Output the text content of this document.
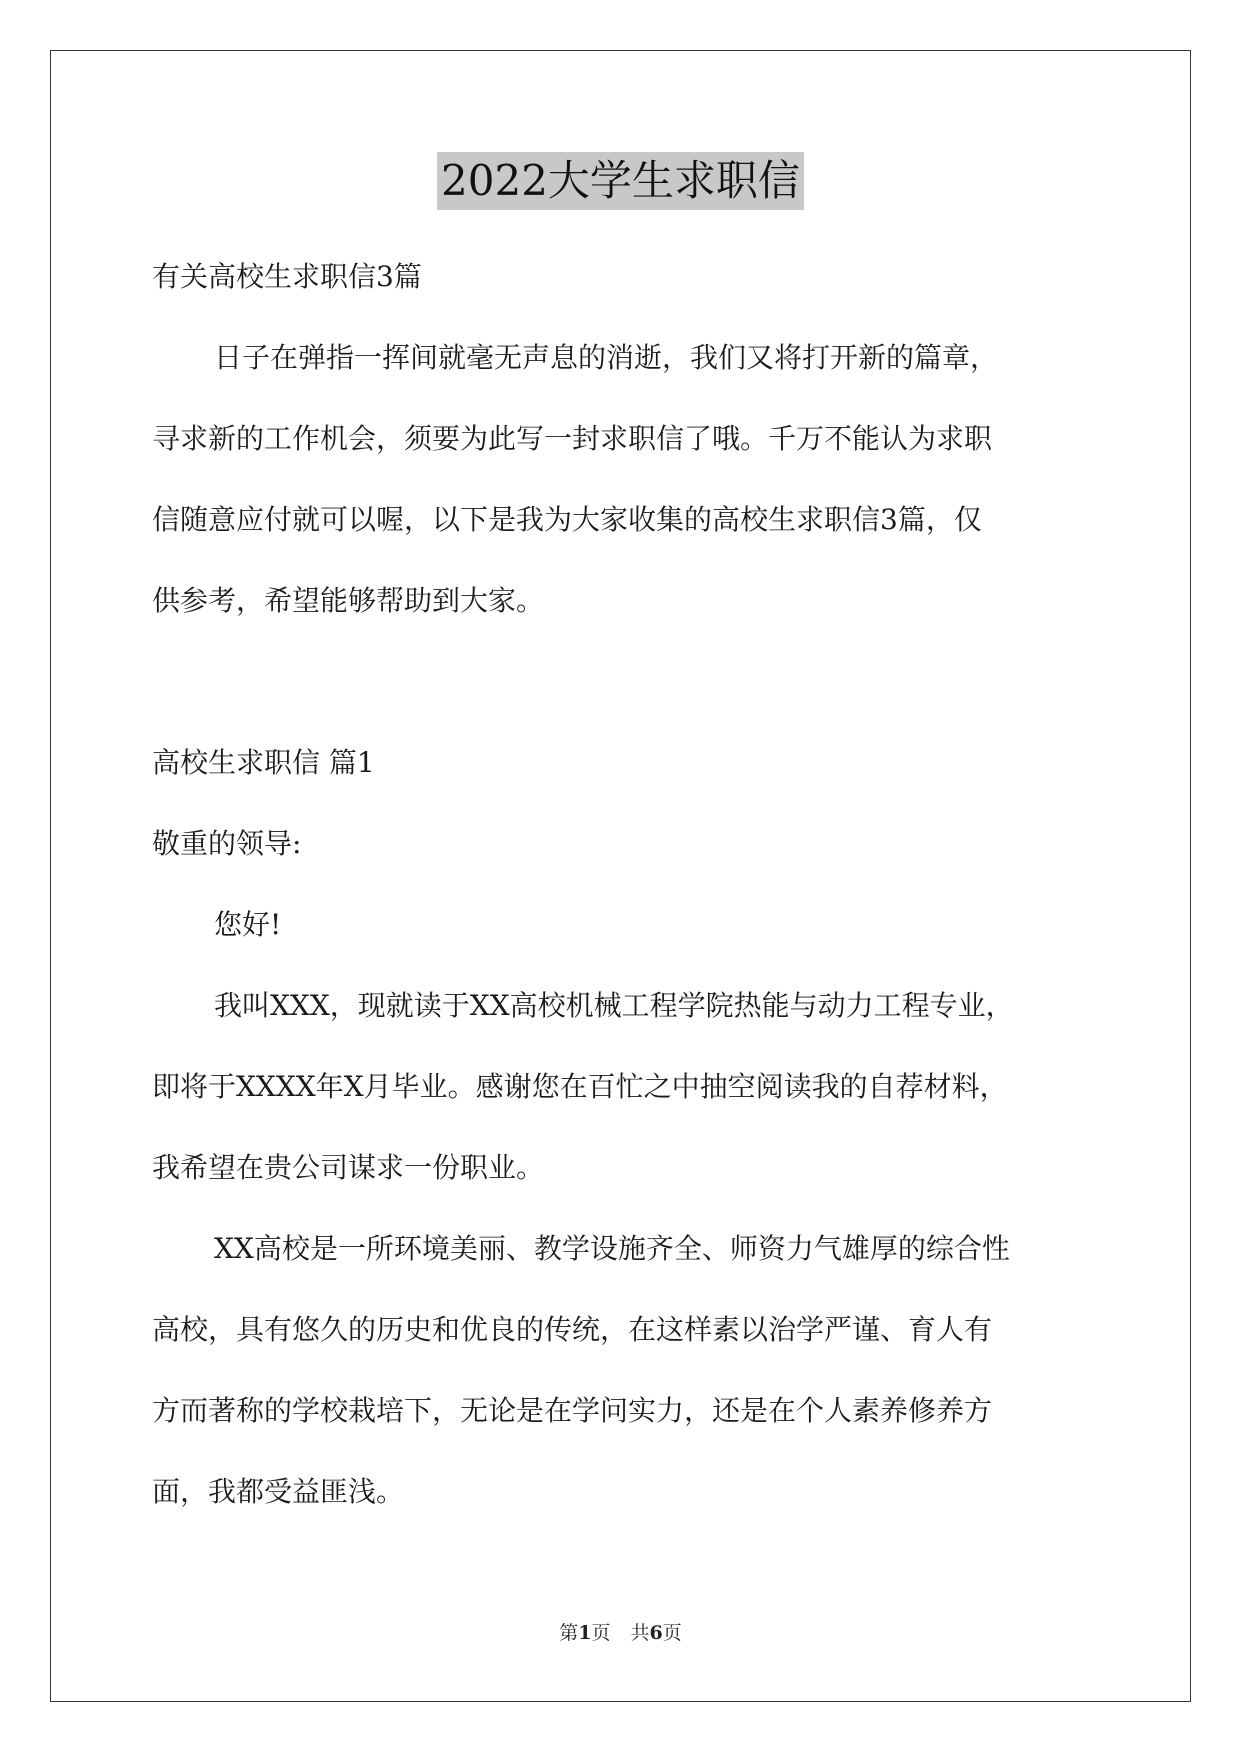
2022大学生求职信

有关高校生求职信3篇

日子在弹指一挥间就毫无声息的消逝，我们又将打开新的篇章，

寻求新的工作机会，须要为此写一封求职信了哦。千万不能认为求职

信随意应付就可以喔，以下是我为大家收集的高校生求职信3篇，仅

供参考，希望能够帮助到大家。

高校生求职信 篇1

敬重的领导:

您好!

我叫XXX，现就读于XX高校机械工程学院热能与动力工程专业，

即将于XXXX年X月毕业。感谢您在百忙之中抽空阅读我的自荐材料，

我希望在贵公司谋求一份职业。

XX高校是一所环境美丽、教学设施齐全、师资力气雄厚的综合性

高校，具有悠久的历史和优良的传统，在这样素以治学严谨、育人有

方而著称的学校栽培下，无论是在学问实力，还是在个人素养修养方

面，我都受益匪浅。

第1页 共6页
